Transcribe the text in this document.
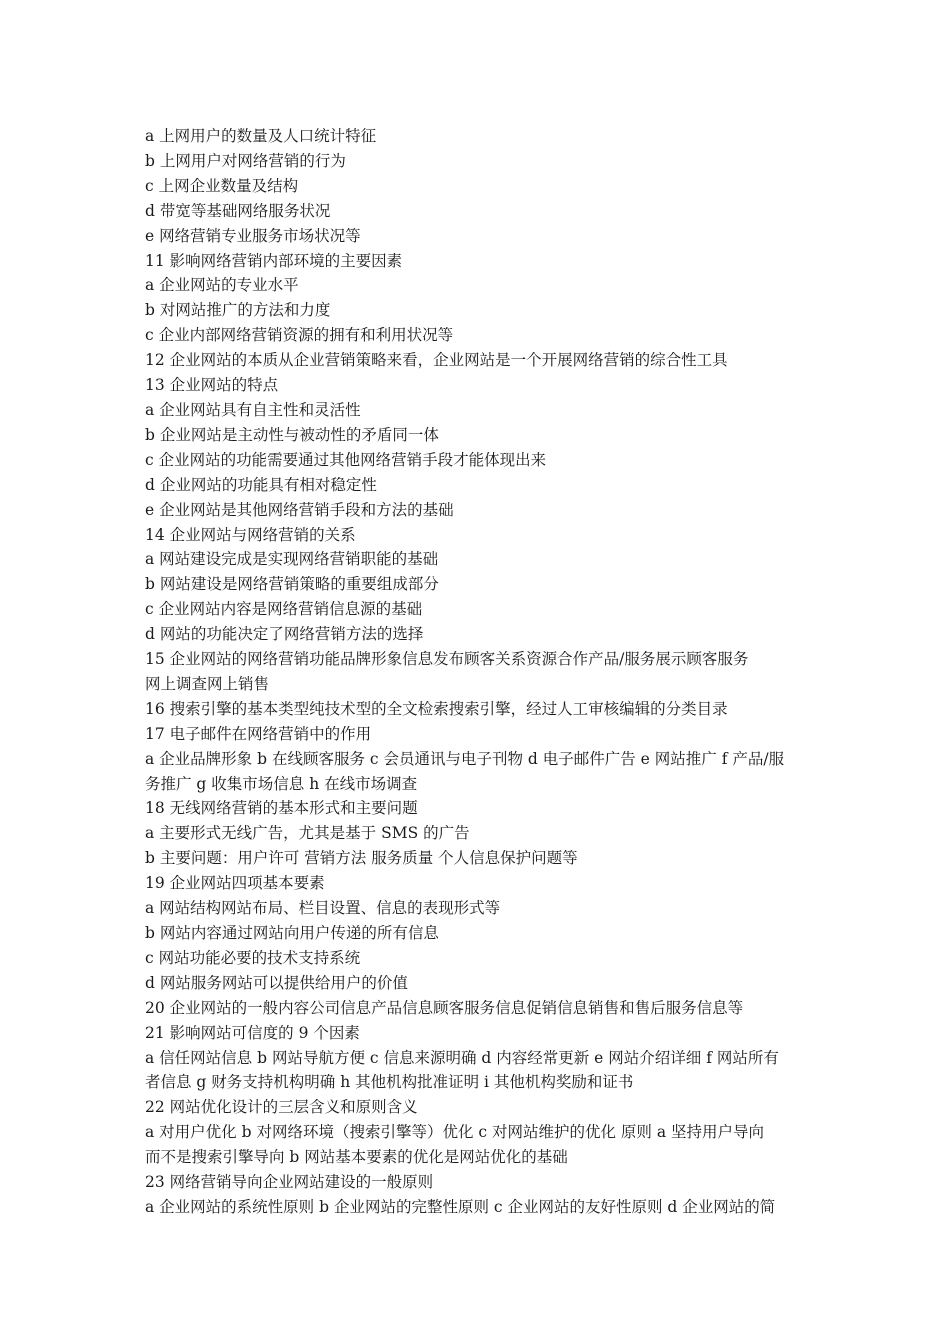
a 上网用户的数量及人口统计特征

b 上网用户对网络营销的行为

c 上网企业数量及结构

d 带宽等基础网络服务状况

e 网络营销专业服务市场状况等

11 影响网络营销内部环境的主要因素

a 企业网站的专业水平

b 对网站推广的方法和力度

c 企业内部网络营销资源的拥有和利用状况等

12 企业网站的本质从企业营销策略来看，企业网站是一个开展网络营销的综合性工具

13 企业网站的特点

a 企业网站具有自主性和灵活性

b 企业网站是主动性与被动性的矛盾同一体

c 企业网站的功能需要通过其他网络营销手段才能体现出来

d 企业网站的功能具有相对稳定性

e 企业网站是其他网络营销手段和方法的基础

14 企业网站与网络营销的关系

a 网站建设完成是实现网络营销职能的基础

b 网站建设是网络营销策略的重要组成部分

c 企业网站内容是网络营销信息源的基础

d 网站的功能决定了网络营销方法的选择

15 企业网站的网络营销功能品牌形象信息发布顾客关系资源合作产品/服务展示顾客服务

网上调查网上销售

16 搜索引擎的基本类型纯技术型的全文检索搜索引擎，经过人工审核编辑的分类目录

17 电子邮件在网络营销中的作用

a 企业品牌形象 b 在线顾客服务 c 会员通讯与电子刊物 d 电子邮件广告 e 网站推广 f 产品/服

务推广 g 收集市场信息 h 在线市场调查

18 无线网络营销的基本形式和主要问题

a 主要形式无线广告，尤其是基于 SMS 的广告

b 主要问题：用户许可 营销方法 服务质量 个人信息保护问题等

19 企业网站四项基本要素

a 网站结构网站布局、栏目设置、信息的表现形式等

b 网站内容通过网站向用户传递的所有信息

c 网站功能必要的技术支持系统

d 网站服务网站可以提供给用户的价值

20 企业网站的一般内容公司信息产品信息顾客服务信息促销信息销售和售后服务信息等

21 影响网站可信度的 9 个因素

a 信任网站信息 b 网站导航方便 c 信息来源明确 d 内容经常更新 e 网站介绍详细 f 网站所有

者信息 g 财务支持机构明确 h 其他机构批准证明 i 其他机构奖励和证书

22 网站优化设计的三层含义和原则含义

a 对用户优化 b 对网络环境（搜索引擎等）优化 c 对网站维护的优化 原则 a 坚持用户导向

而不是搜索引擎导向 b 网站基本要素的优化是网站优化的基础

23 网络营销导向企业网站建设的一般原则

a 企业网站的系统性原则 b 企业网站的完整性原则 c 企业网站的友好性原则 d 企业网站的简
